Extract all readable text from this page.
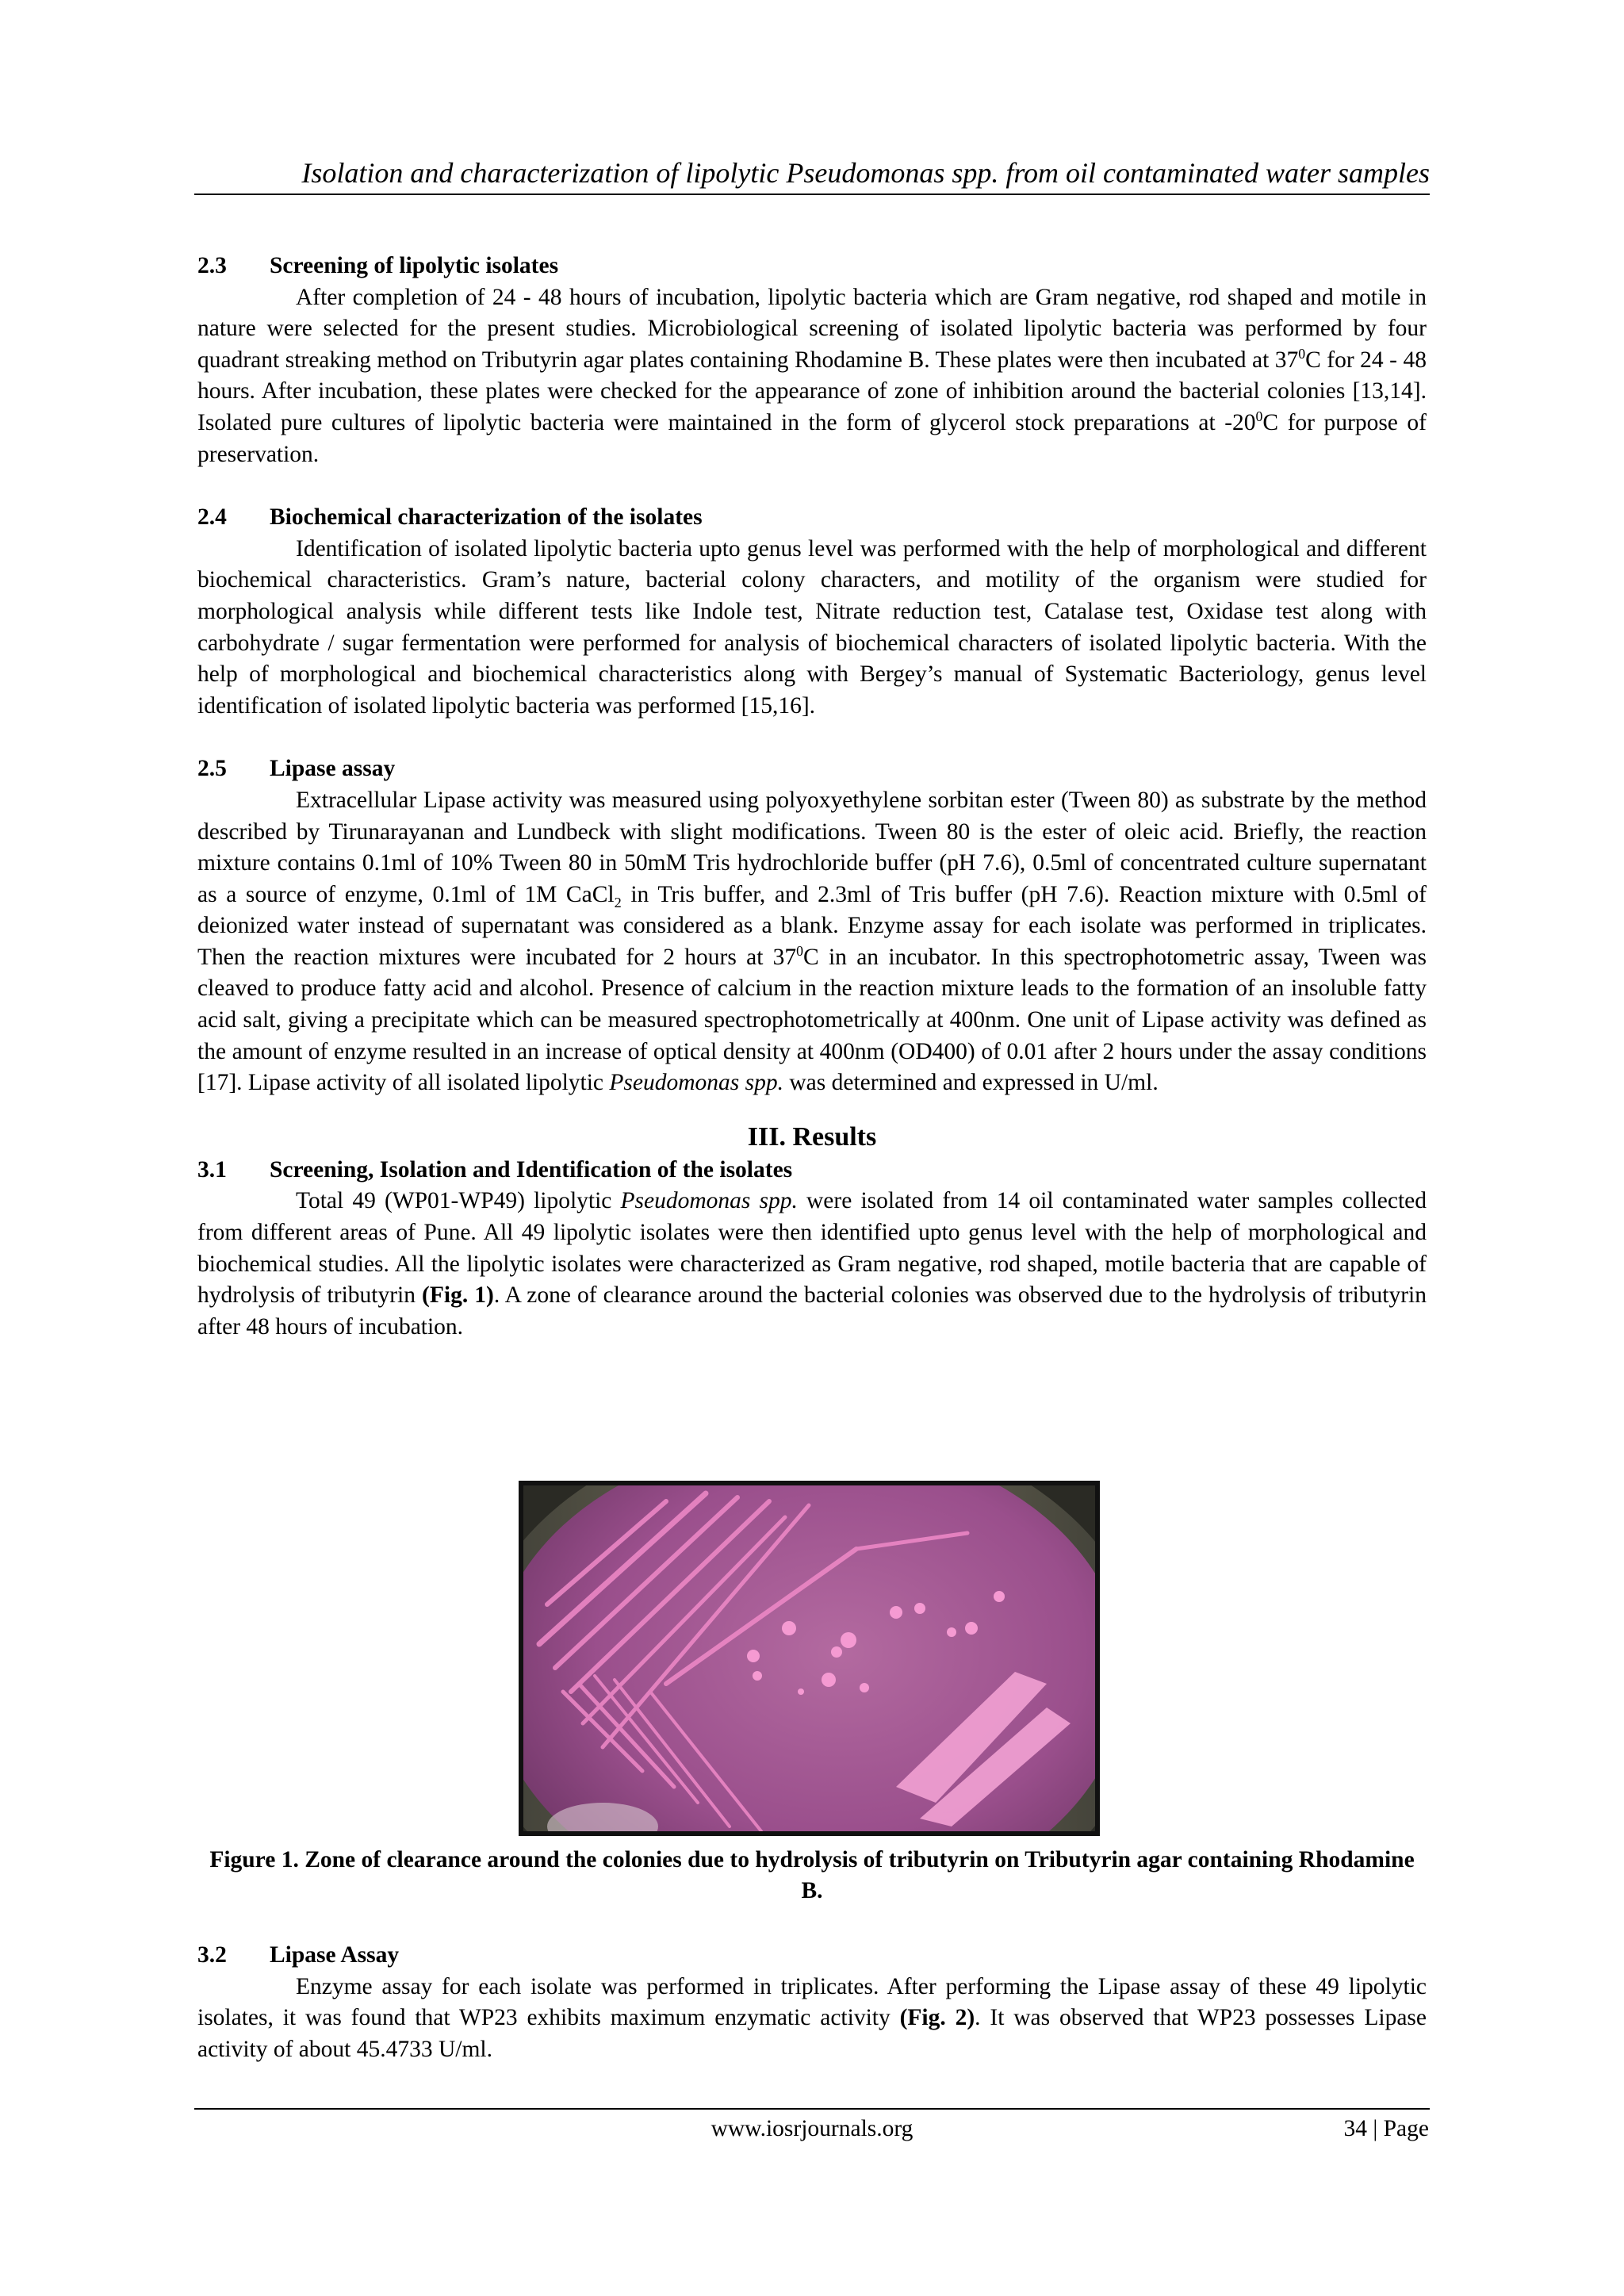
Isolation and characterization of lipolytic Pseudomonas spp. from oil contaminated water samples
2.3	Screening of lipolytic isolates

After completion of 24 - 48 hours of incubation, lipolytic bacteria which are Gram negative, rod shaped and motile in nature were selected for the present studies. Microbiological screening of isolated lipolytic bacteria was performed by four quadrant streaking method on Tributyrin agar plates containing Rhodamine B. These plates were then incubated at $37^0C$ for 24 - 48 hours. After incubation, these plates were checked for the appearance of zone of inhibition around the bacterial colonies [13,14]. Isolated pure cultures of lipolytic bacteria were maintained in the form of glycerol stock preparations at $-20^0C$ for purpose of preservation.

2.4	Biochemical characterization of the isolates

Identification of isolated lipolytic bacteria upto genus level was performed with the help of morphological and different biochemical characteristics. Gram’s nature, bacterial colony characters, and motility of the organism were studied for morphological analysis while different tests like Indole test, Nitrate reduction test, Catalase test, Oxidase test along with carbohydrate / sugar fermentation were performed for analysis of biochemical characters of isolated lipolytic bacteria. With the help of morphological and biochemical characteristics along with Bergey’s manual of Systematic Bacteriology, genus level identification of isolated lipolytic bacteria was performed [15,16].

2.5	Lipase assay

Extracellular Lipase activity was measured using polyoxyethylene sorbitan ester (Tween 80) as substrate by the method described by Tirunarayanan and Lundbeck with slight modifications. Tween 80 is the ester of oleic acid. Briefly, the reaction mixture contains 0.1ml of 10% Tween 80 in 50mM Tris hydrochloride buffer (pH 7.6), 0.5ml of concentrated culture supernatant as a source of enzyme, 0.1ml of 1M CaCl$_2$ in Tris buffer, and 2.3ml of Tris buffer (pH 7.6). Reaction mixture with 0.5ml of deionized water instead of supernatant was considered as a blank. Enzyme assay for each isolate was performed in triplicates. Then the reaction mixtures were incubated for 2 hours at $37^0C$ in an incubator. In this spectrophotometric assay, Tween was cleaved to produce fatty acid and alcohol. Presence of calcium in the reaction mixture leads to the formation of an insoluble fatty acid salt, giving a precipitate which can be measured spectrophotometrically at 400nm. One unit of Lipase activity was defined as the amount of enzyme resulted in an increase of optical density at 400nm (OD400) of 0.01 after 2 hours under the assay conditions [17]. Lipase activity of all isolated lipolytic Pseudomonas spp. was determined and expressed in U/ml.

III. Results
3.1	Screening, Isolation and Identification of the isolates

Total 49 (WP01-WP49) lipolytic Pseudomonas spp. were isolated from 14 oil contaminated water samples collected from different areas of Pune. All 49 lipolytic isolates were then identified upto genus level with the help of morphological and biochemical studies. All the lipolytic isolates were characterized as Gram negative, rod shaped, motile bacteria that are capable of hydrolysis of tributyrin (Fig. 1). A zone of clearance around the bacterial colonies was observed due to the hydrolysis of tributyrin after 48 hours of incubation.

Figure 1. Zone of clearance around the colonies due to hydrolysis of tributyrin on Tributyrin agar containing Rhodamine B.
3.2	Lipase Assay

Enzyme assay for each isolate was performed in triplicates. After performing the Lipase assay of these 49 lipolytic isolates, it was found that WP23 exhibits maximum enzymatic activity (Fig. 2). It was observed that WP23 possesses Lipase activity of about 45.4733 U/ml.

www.iosrjournals.org	34 | Page
